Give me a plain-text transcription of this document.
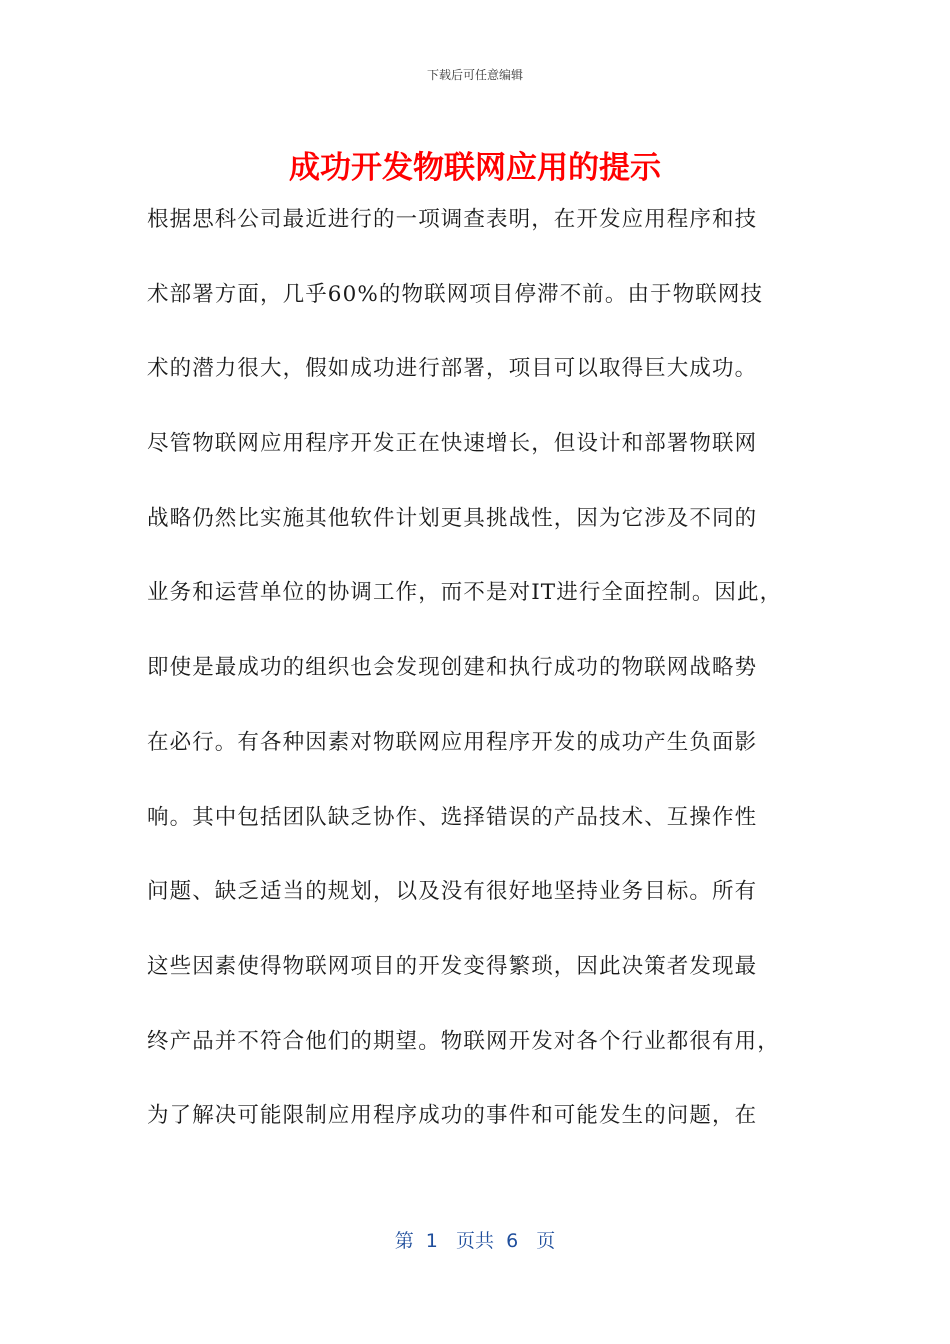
下载后可任意编辑
成功开发物联网应用的提示
根据思科公司最近进行的一项调查表明，在开发应用程序和技
术部署方面，几乎60%的物联网项目停滞不前。由于物联网技
术的潜力很大，假如成功进行部署，项目可以取得巨大成功。
尽管物联网应用程序开发正在快速增长，但设计和部署物联网
战略仍然比实施其他软件计划更具挑战性，因为它涉及不同的
业务和运营单位的协调工作，而不是对IT进行全面控制。因此，
即使是最成功的组织也会发现创建和执行成功的物联网战略势
在必行。有各种因素对物联网应用程序开发的成功产生负面影
响。其中包括团队缺乏协作、选择错误的产品技术、互操作性
问题、缺乏适当的规划，以及没有很好地坚持业务目标。所有
这些因素使得物联网项目的开发变得繁琐，因此决策者发现最
终产品并不符合他们的期望。物联网开发对各个行业都很有用，
为了解决可能限制应用程序成功的事件和可能发生的问题，在
第  1   页共  6   页
